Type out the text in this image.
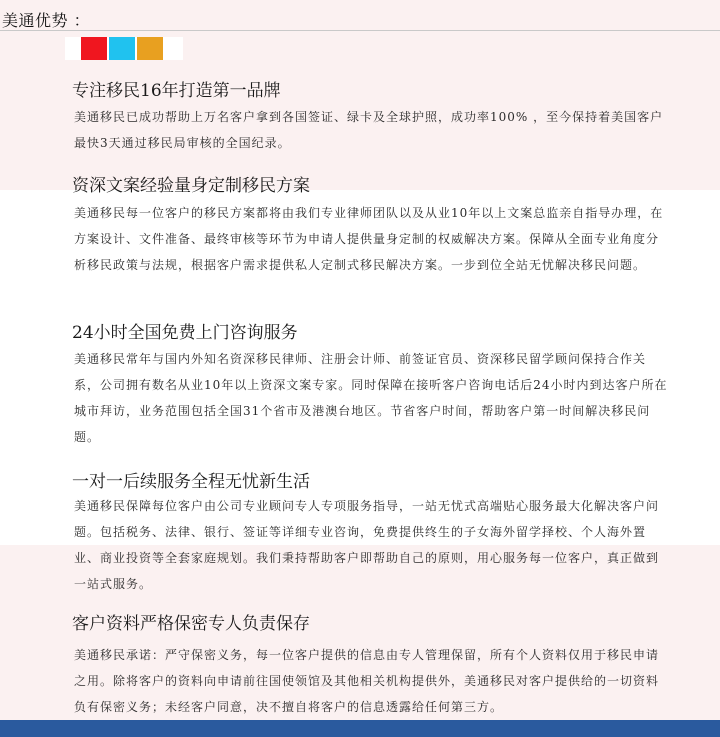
美通优势 ：
专注移民16年打造第一品牌
美通移民已成功帮助上万名客户拿到各国签证、绿卡及全球护照，成功率100% ，至今保持着美国客户最快3天通过移民局审核的全国纪录。
资深文案经验量身定制移民方案
美通移民每一位客户的移民方案都将由我们专业律师团队以及从业10年以上文案总监亲自指导办理，在方案设计、文件准备、最终审核等环节为申请人提供量身定制的权威解决方案。保障从全面专业角度分析移民政策与法规，根据客户需求提供私人定制式移民解决方案。一步到位全站无忧解决移民问题。
24小时全国免费上门咨询服务
美通移民常年与国内外知名资深移民律师、注册会计师、前签证官员、资深移民留学顾问保持合作关系，公司拥有数名从业10年以上资深文案专家。同时保障在接听客户咨询电话后24小时内到达客户所在城市拜访，业务范围包括全国31个省市及港澳台地区。节省客户时间，帮助客户第一时间解决移民问题。
一对一后续服务全程无忧新生活
美通移民保障每位客户由公司专业顾问专人专项服务指导，一站无忧式高端贴心服务最大化解决客户问题。包括税务、法律、银行、签证等详细专业咨询，免费提供终生的子女海外留学择校、个人海外置业、商业投资等全套家庭规划。我们秉持帮助客户即帮助自己的原则，用心服务每一位客户，真正做到一站式服务。
客户资料严格保密专人负责保存
美通移民承诺：严守保密义务，每一位客户提供的信息由专人管理保留，所有个人资料仅用于移民申请之用。除将客户的资料向申请前往国使领馆及其他相关机构提供外，美通移民对客户提供给的一切资料负有保密义务；未经客户同意，决不擅自将客户的信息透露给任何第三方。
